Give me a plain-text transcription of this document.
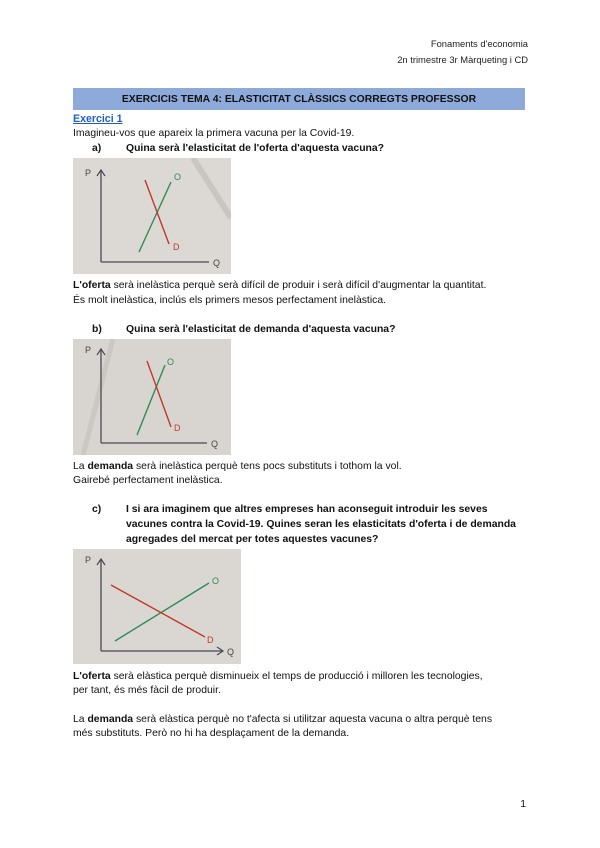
Fonaments d'economia
2n trimestre 3r Màrqueting i CD
EXERCICIS TEMA 4: ELASTICITAT CLÀSSICS CORREGTS PROFESSOR
Exercici 1
Imagineu-vos que apareix la primera vacuna per la Covid-19.
a)	Quina serà l'elasticitat de l'oferta d'aquesta vacuna?
P
Q
O
D
L'oferta serà inelàstica perquè serà difícil de produir i serà difícil d'augmentar la quantitat.
És molt inelàstica, inclús els primers mesos perfectament inelàstica.
b)	Quina serà l'elasticitat de demanda d'aquesta vacuna?
P
Q
O
D
La demanda serà inelàstica perquè tens pocs substituts i tothom la vol.
Gairebé perfectament inelàstica.
c)	I si ara imaginem que altres empreses han aconseguit introduir les seves
vacunes contra la Covid-19. Quines seran les elasticitats d'oferta i de demanda
agregades del mercat per totes aquestes vacunes?
P
Q
O
D
L'oferta serà elàstica perquè disminueix el temps de producció i milloren les tecnologies,
per tant, és més fàcil de produir.
La demanda serà elàstica perquè no t'afecta si utilitzar aquesta vacuna o altra perquè tens
més substituts. Però no hi ha desplaçament de la demanda.
1
